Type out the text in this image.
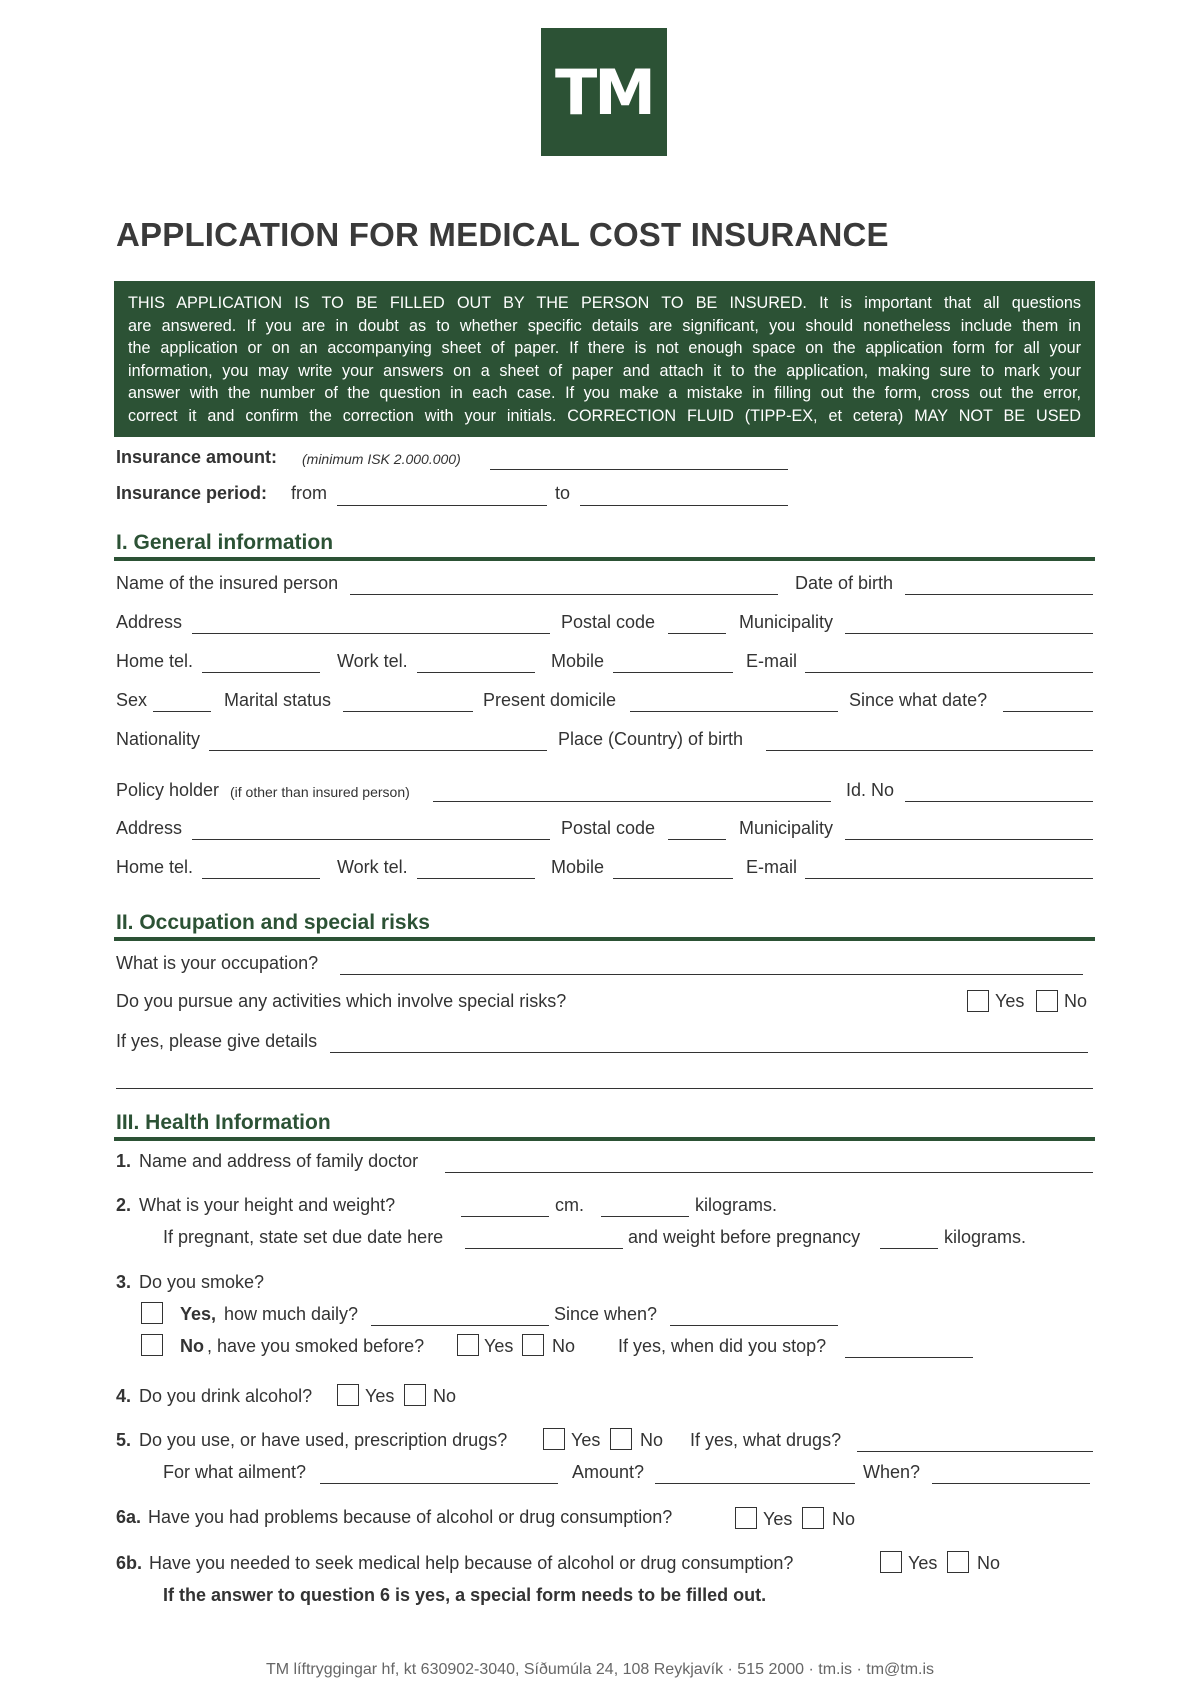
TM
APPLICATION FOR MEDICAL COST INSURANCE
THIS APPLICATION IS TO BE FILLED OUT BY THE PERSON TO BE INSURED. It is important that all questions
are answered. If you are in doubt as to whether specific details are significant, you should nonetheless include them in
the application or on an accompanying sheet of paper. If there is not enough space on the application form for all your
information, you may write your answers on a sheet of paper and attach it to the application, making sure to mark your
answer with the number of the question in each case. If you make a mistake in filling out the form, cross out the error,
correct it and confirm the correction with your initials. CORRECTION FLUID (TIPP-EX, et cetera) MAY NOT BE USED
Insurance amount: (minimum ISK 2.000.000)
Insurance period: from	to
I. General information
Name of the insured person	Date of birth
Address	Postal code	Municipality
Home tel.	Work tel.	Mobile	E-mail
Sex	Marital status	Present domicile	Since what date?
Nationality	Place (Country) of birth
Policy holder (if other than insured person)	Id. No
Address	Postal code	Municipality
Home tel.	Work tel.	Mobile	E-mail
II. Occupation and special risks
What is your occupation?
Do you pursue any activities which involve special risks?	Yes No
If yes, please give details
III. Health Information
1. Name and address of family doctor
2. What is your height and weight?	cm.	kilograms.
If pregnant, state set due date here	and weight before pregnancy	kilograms.
3. Do you smoke?
Yes, how much daily?	Since when?
No , have you smoked before?	Yes No If yes, when did you stop?
4. Do you drink alcohol?	Yes No
5. Do you use, or have used, prescription drugs?	Yes No If yes, what drugs?
For what ailment?	Amount?	When?
6a. Have you had problems because of alcohol or drug consumption?	Yes No
6b. Have you needed to seek medical help because of alcohol or drug consumption?	Yes No
If the answer to question 6 is yes, a special form needs to be filled out.
TM líftryggingar hf, kt 630902-3040, Síðumúla 24, 108 Reykjavík · 515 2000 · tm.is · tm@tm.is
